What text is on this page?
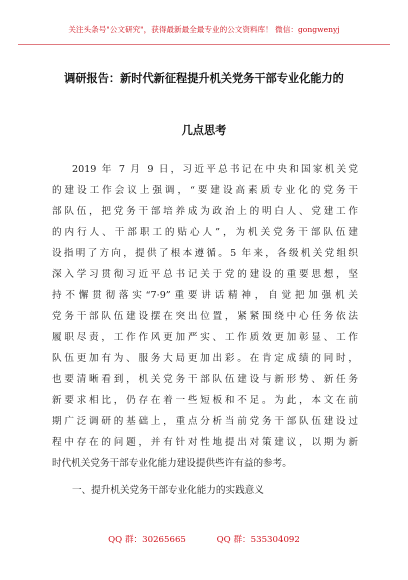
关注头条号"公文研究"，获得最新最全最专业的公文资料库！ 微信：gongwenyj
调研报告：新时代新征程提升机关党务干部专业化能力的
几点思考
2019 年 7 月 9 日，习近平总书记在中央和国家机关党
的建设工作会议上强调，“要建设高素质专业化的党务干
部队伍，把党务干部培养成为政治上的明白人、党建工作
的内行人、干部职工的贴心人”，为机关党务干部队伍建
设指明了方向，提供了根本遵循。5 年来，各级机关党组织
深入学习贯彻习近平总书记关于党的建设的重要思想，坚
持不懈贯彻落实“7·9”重要讲话精神，自觉把加强机关
党务干部队伍建设摆在突出位置，紧紧围绕中心任务依法
履职尽责，工作作风更加严实、工作质效更加彰显、工作
队伍更加有为、服务大局更加出彩。在肯定成绩的同时，
也要清晰看到，机关党务干部队伍建设与新形势、新任务
新要求相比，仍存在着一些短板和不足。为此，本文在前
期广泛调研的基础上，重点分析当前党务干部队伍建设过
程中存在的问题，并有针对性地提出对策建议，以期为新
时代机关党务干部专业化能力建设提供些许有益的参考。
一、提升机关党务干部专业化能力的实践意义
QQ 群：30265665	QQ 群：535304092
